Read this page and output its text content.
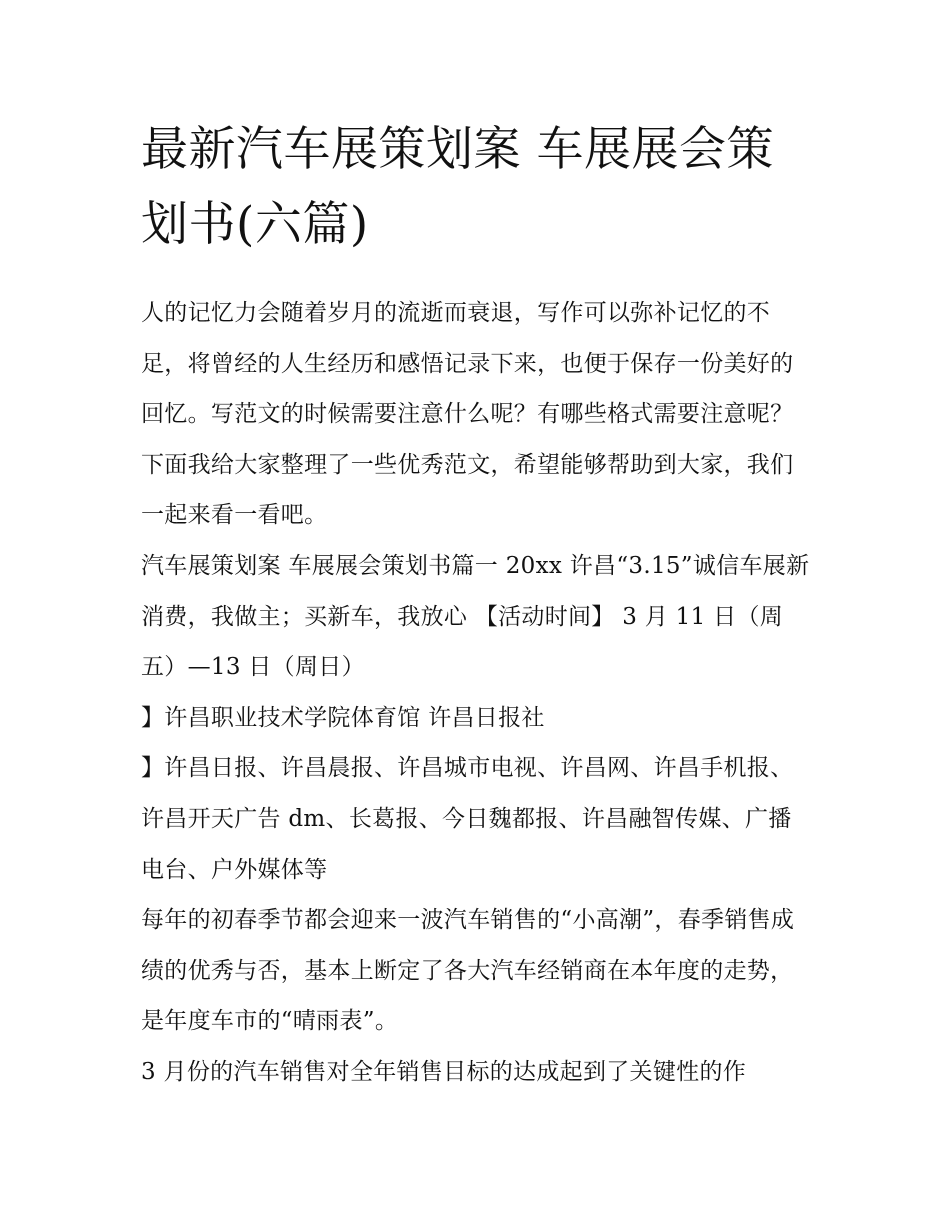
最新汽车展策划案 车展展会策划书(六篇)

人的记忆力会随着岁月的流逝而衰退，写作可以弥补记忆的不足，将曾经的人生经历和感悟记录下来，也便于保存一份美好的回忆。写范文的时候需要注意什么呢？有哪些格式需要注意呢？下面我给大家整理了一些优秀范文，希望能够帮助到大家，我们一起来看一看吧。

汽车展策划案 车展展会策划书篇一 20xx 许昌“3.15”诚信车展新消费，我做主；买新车，我放心 【活动时间】 3 月 11 日（周五）—13 日（周日）

】许昌职业技术学院体育馆 许昌日报社

】许昌日报、许昌晨报、许昌城市电视、许昌网、许昌手机报、许昌开天广告 dm、长葛报、今日魏都报、许昌融智传媒、广播电台、户外媒体等

每年的初春季节都会迎来一波汽车销售的“小高潮”，春季销售成绩的优秀与否，基本上断定了各大汽车经销商在本年度的走势，是年度车市的“晴雨表”。

3 月份的汽车销售对全年销售目标的达成起到了关键性的作
